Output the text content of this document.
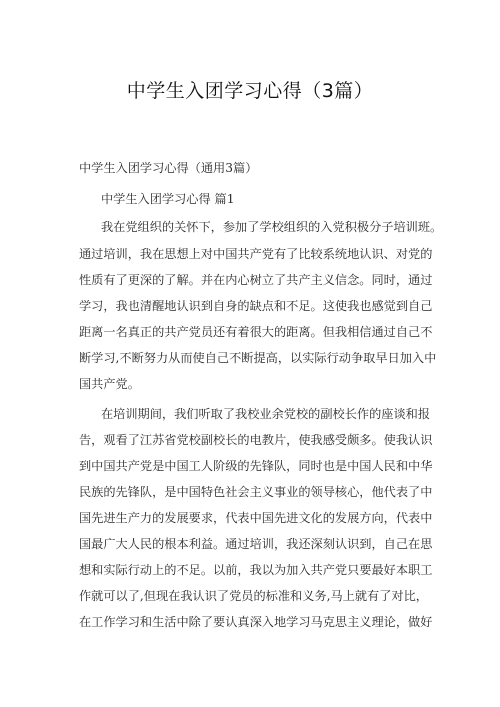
中学生入团学习心得（3篇）
中学生入团学习心得（通用3篇）
中学生入团学习心得 篇1
我在党组织的关怀下，参加了学校组织的入党积极分子培训班。
通过培训，我在思想上对中国共产党有了比较系统地认识、对党的
性质有了更深的了解。并在内心树立了共产主义信念。同时，通过
学习，我也清醒地认识到自身的缺点和不足。这使我也感觉到自己
距离一名真正的共产党员还有着很大的距离。但我相信通过自己不
断学习,不断努力从而使自己不断提高，以实际行动争取早日加入中
国共产党。
在培训期间，我们听取了我校业余党校的副校长作的座谈和报
告，观看了江苏省党校副校长的电教片，使我感受颇多。使我认识
到中国共产党是中国工人阶级的先锋队，同时也是中国人民和中华
民族的先锋队，是中国特色社会主义事业的领导核心，他代表了中
国先进生产力的发展要求，代表中国先进文化的发展方向，代表中
国最广大人民的根本利益。通过培训，我还深刻认识到，自己在思
想和实际行动上的不足。以前，我以为加入共产党只要最好本职工
作就可以了,但现在我认识了党员的标准和义务,马上就有了对比，
在工作学习和生活中除了要认真深入地学习马克思主义理论，做好
